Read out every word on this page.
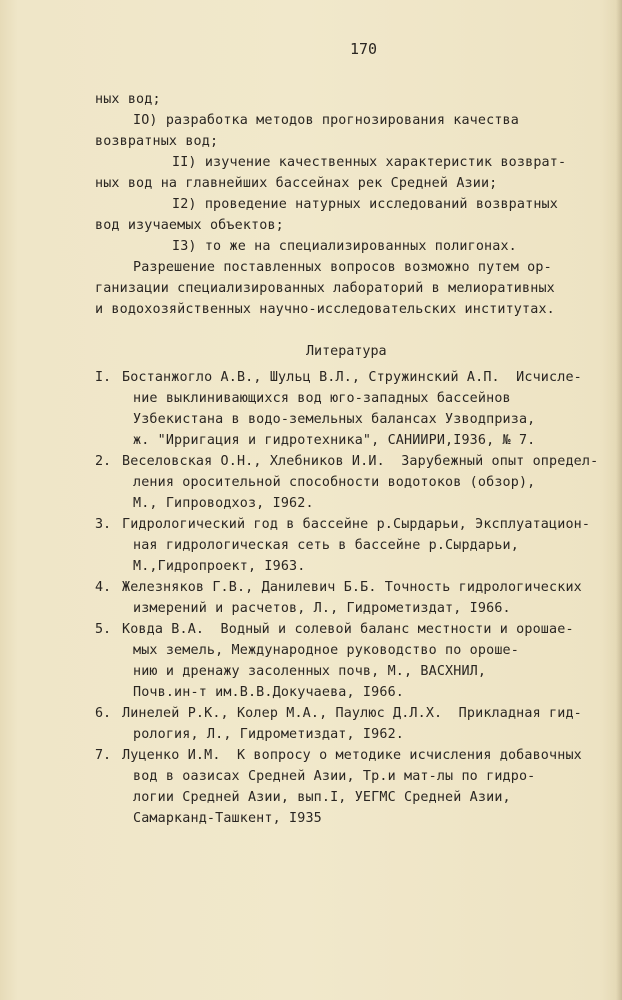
170
ных вод;
IO) разработка методов прогнозирования качества
возвратных вод;
II) изучение качественных характеристик возврат-
ных вод на главнейших бассейнах рек Средней Азии;
I2) проведение натурных исследований возвратных
вод изучаемых объектов;
I3) то же на специализированных полигонах.
Разрешение поставленных вопросов возможно путем ор-
ганизации специализированных лабораторий в мелиоративных
и водохозяйственных научно-исследовательских институтах.
Литература
I. Бостанжогло А.В., Шульц В.Л., Стружинский А.П.  Исчисле-
ние выклинивающихся вод юго-западных бассейнов
Узбекистана в водо-земельных балансах Узводприза,
ж. "Ирригация и гидротехника", САНИИРИ,I936, № 7.
2. Веселовская О.Н., Хлебников И.И.  Зарубежный опыт определ-
ления оросительной способности водотоков (обзор),
М., Гипроводхоз, I962.
3. Гидрологический год в бассейне р.Сырдарьи, Эксплуатацион-
ная гидрологическая сеть в бассейне р.Сырдарьи,
М.,Гидропроект, I963.
4. Железняков Г.В., Данилевич Б.Б. Точность гидрологических
измерений и расчетов, Л., Гидрометиздат, I966.
5. Ковда В.А.  Водный и солевой баланс местности и орошае-
мых земель, Международное руководство по ороше-
нию и дренажу засоленных почв, М., ВАСХНИЛ,
Почв.ин-т им.В.В.Докучаева, I966.
6. Линелей Р.К., Колер М.А., Паулюс Д.Л.Х.  Прикладная гид-
рология, Л., Гидрометиздат, I962.
7. Луценко И.М.  К вопросу о методике исчисления добавочных
вод в оазисах Средней Азии, Тр.и мат-лы по гидро-
логии Средней Азии, вып.I, УЕГМС Средней Азии,
Самарканд-Ташкент, I935
